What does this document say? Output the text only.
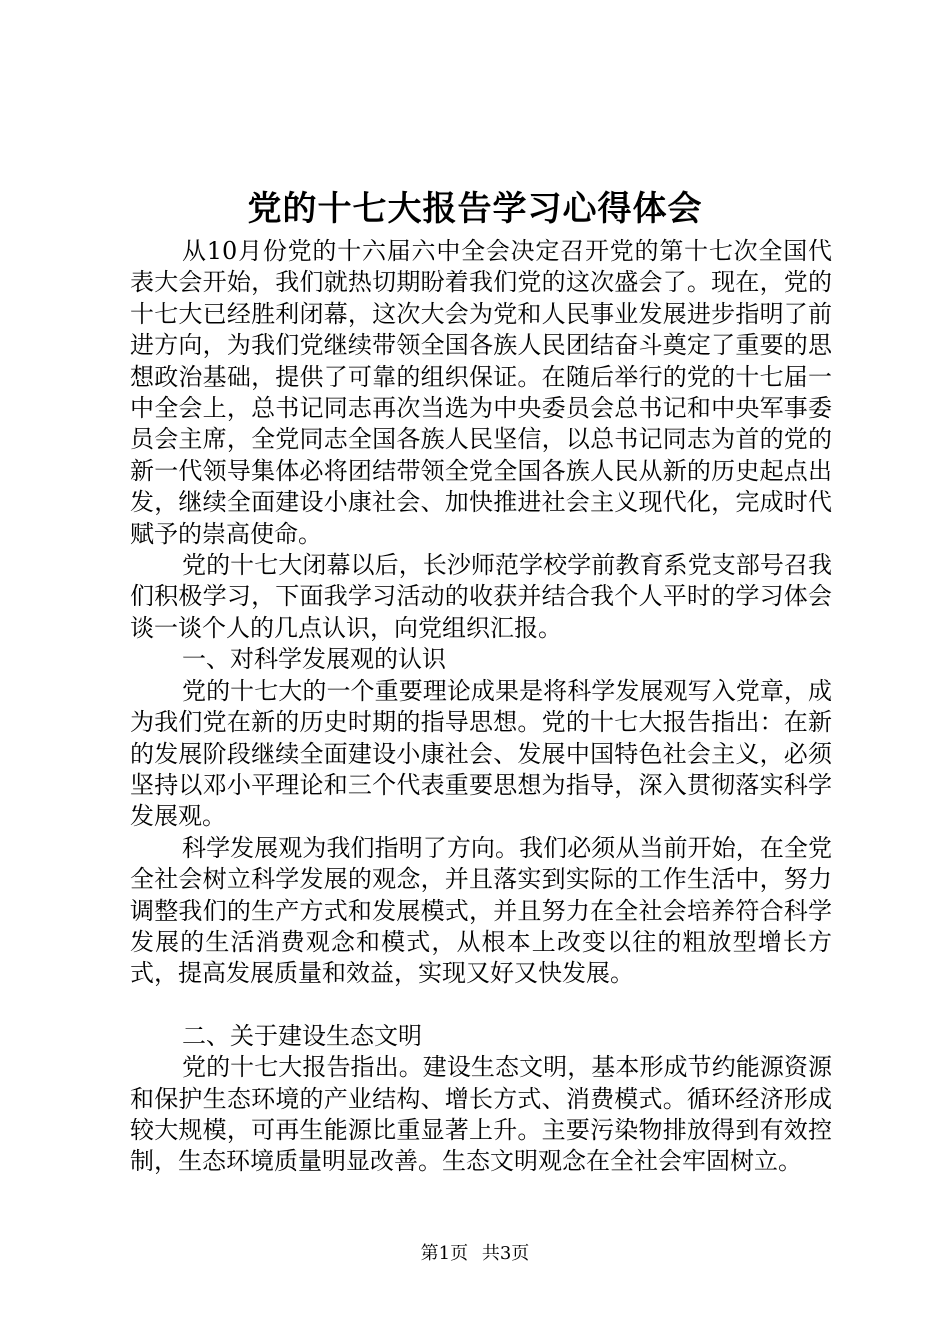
党的十七大报告学习心得体会

从10月份党的十六届六中全会决定召开党的第十七次全国代表大会开始，我们就热切期盼着我们党的这次盛会了。现在，党的十七大已经胜利闭幕，这次大会为党和人民事业发展进步指明了前进方向，为我们党继续带领全国各族人民团结奋斗奠定了重要的思想政治基础，提供了可靠的组织保证。在随后举行的党的十七届一中全会上，总书记同志再次当选为中央委员会总书记和中央军事委员会主席，全党同志全国各族人民坚信，以总书记同志为首的党的新一代领导集体必将团结带领全党全国各族人民从新的历史起点出发，继续全面建设小康社会、加快推进社会主义现代化，完成时代赋予的崇高使命。

党的十七大闭幕以后，长沙师范学校学前教育系党支部号召我们积极学习，下面我学习活动的收获并结合我个人平时的学习体会谈一谈个人的几点认识，向党组织汇报。

一、对科学发展观的认识

党的十七大的一个重要理论成果是将科学发展观写入党章，成为我们党在新的历史时期的指导思想。党的十七大报告指出：在新的发展阶段继续全面建设小康社会、发展中国特色社会主义，必须坚持以邓小平理论和三个代表重要思想为指导，深入贯彻落实科学发展观。

科学发展观为我们指明了方向。我们必须从当前开始，在全党全社会树立科学发展的观念，并且落实到实际的工作生活中，努力调整我们的生产方式和发展模式，并且努力在全社会培养符合科学发展的生活消费观念和模式，从根本上改变以往的粗放型增长方式，提高发展质量和效益，实现又好又快发展。

二、关于建设生态文明

党的十七大报告指出。建设生态文明，基本形成节约能源资源和保护生态环境的产业结构、增长方式、消费模式。循环经济形成较大规模，可再生能源比重显著上升。主要污染物排放得到有效控制，生态环境质量明显改善。生态文明观念在全社会牢固树立。

第1页 共3页
